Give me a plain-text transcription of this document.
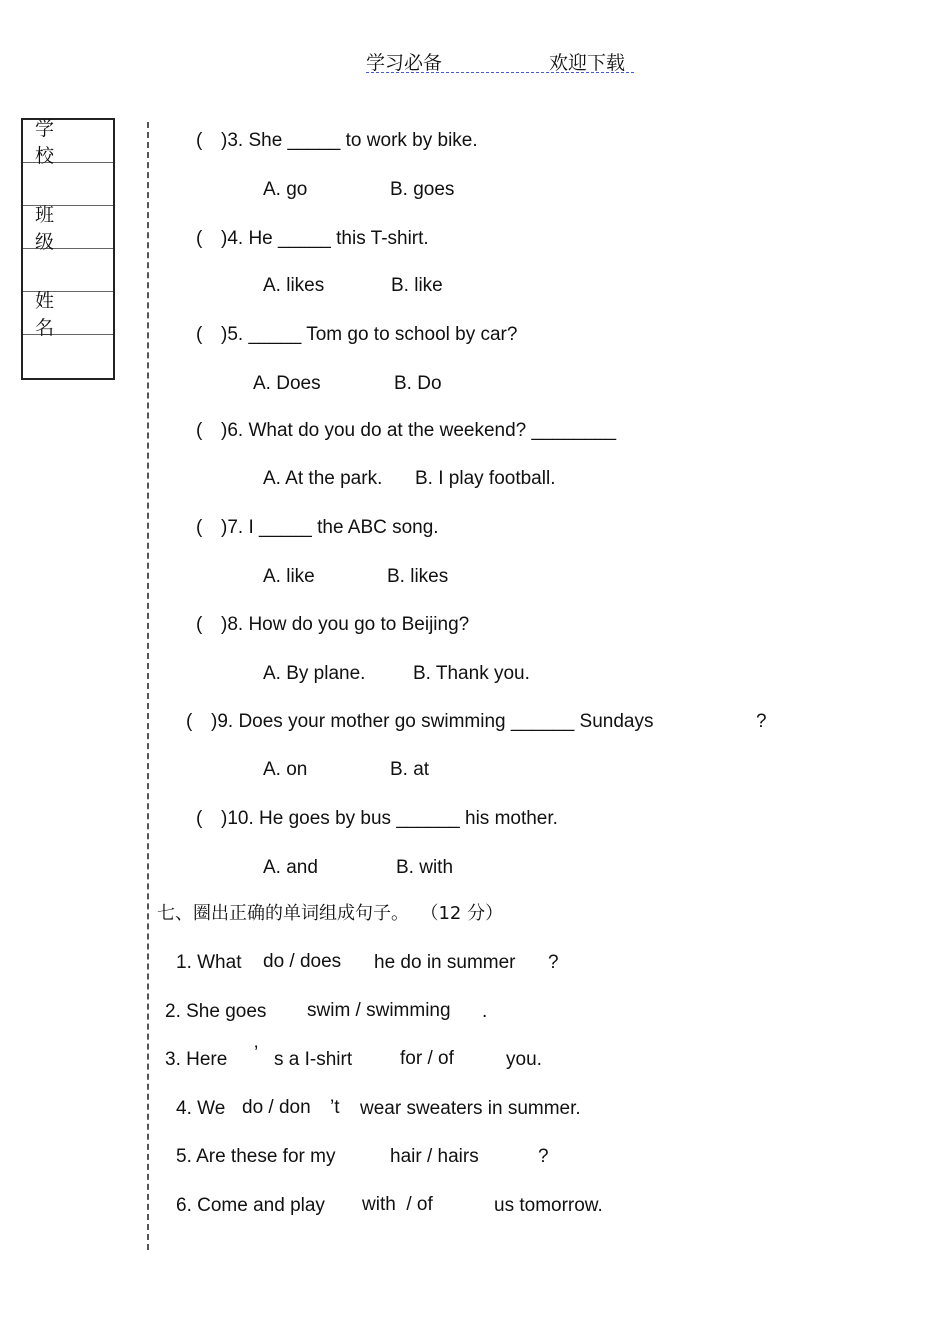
学习必备	欢迎下载
学 校
班 级
姓 名
( )3. She _____ to work by bike.
A. go	B. goes
( )4. He _____ this T-shirt.
A. likes	B. like
( )5. _____ Tom go to school by car?
A. Does	B. Do
( )6. What do you do at the weekend? ________
A. At the park. B. I play football.
( )7. I _____ the ABC song.
A. like	B. likes
( )8. How do you go to Beijing?
A. By plane.	B. Thank you.
( )9. Does your mother go swimming ______ Sundays	?
A. on	B. at
( )10. He goes by bus ______ his mother.
A. and	B. with
七、圈出正确的单词组成句子。  （12 分）
1. What do / does he do in summer ?
2. She goes swim / swimming .
3. Here ’ s a I-shirt	for / of	you.
4. We do / don ’t wear sweaters in summer.
5. Are these for my	hair / hairs	?
6. Come and play with  / of	us tomorrow.
